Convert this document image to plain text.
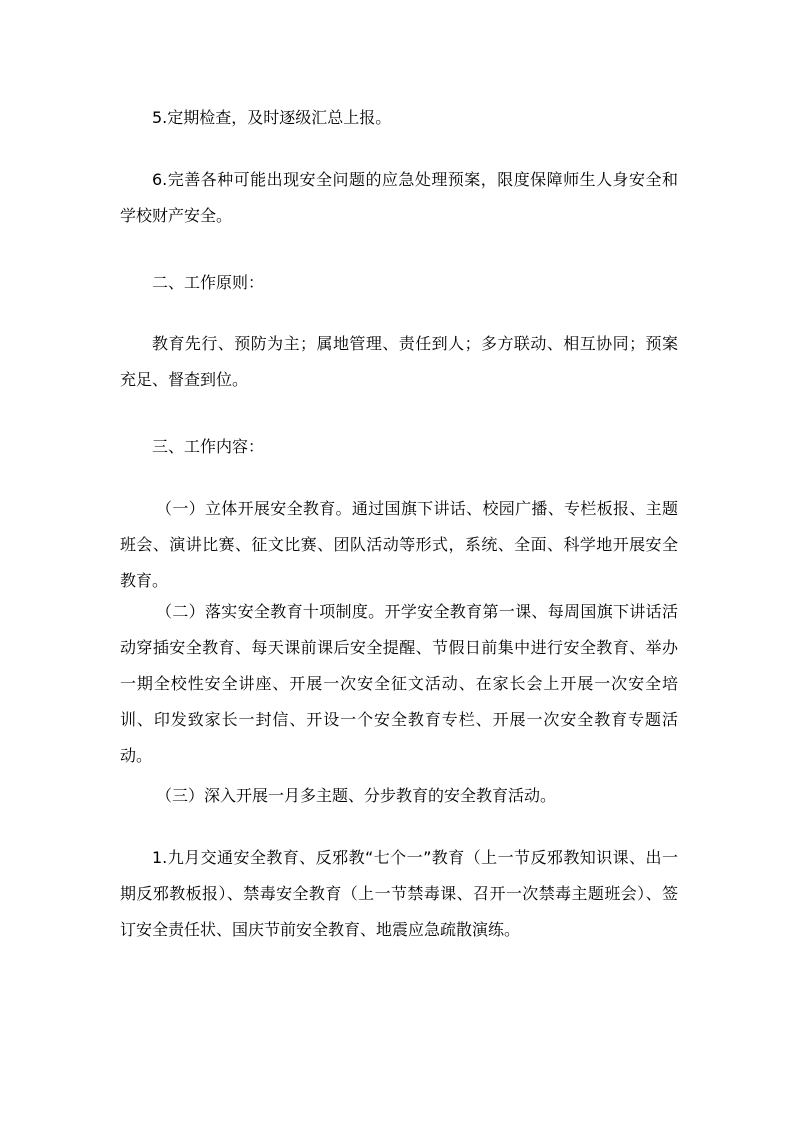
5.定期检查，及时逐级汇总上报。

6.完善各种可能出现安全问题的应急处理预案，限度保障师生人身安全和学校财产安全。

二、工作原则：

教育先行、预防为主；属地管理、责任到人；多方联动、相互协同；预案充足、督查到位。

三、工作内容：

（一）立体开展安全教育。通过国旗下讲话、校园广播、专栏板报、主题班会、演讲比赛、征文比赛、团队活动等形式，系统、全面、科学地开展安全教育。

（二）落实安全教育十项制度。开学安全教育第一课、每周国旗下讲话活动穿插安全教育、每天课前课后安全提醒、节假日前集中进行安全教育、举办一期全校性安全讲座、开展一次安全征文活动、在家长会上开展一次安全培训、印发致家长一封信、开设一个安全教育专栏、开展一次安全教育专题活动。

（三）深入开展一月多主题、分步教育的安全教育活动。

1.九月交通安全教育、反邪教“七个一”教育（上一节反邪教知识课、出一期反邪教板报）、禁毒安全教育（上一节禁毒课、召开一次禁毒主题班会）、签订安全责任状、国庆节前安全教育、地震应急疏散演练。
